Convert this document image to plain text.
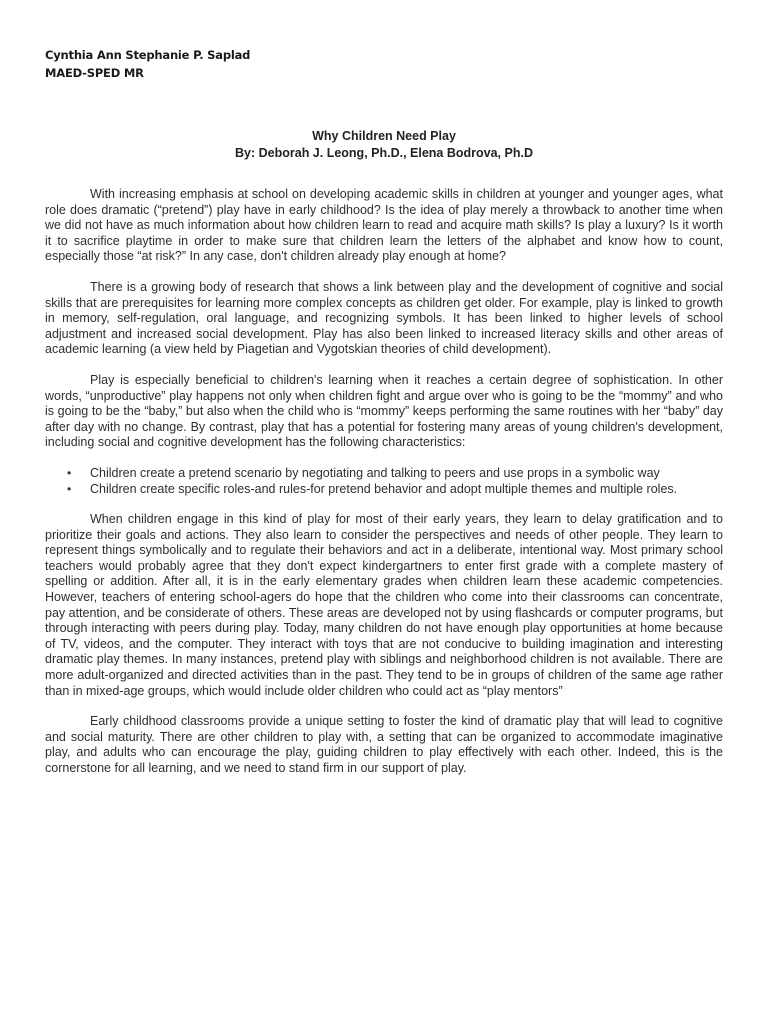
Cynthia Ann Stephanie P. Saplad
MAED-SPED MR
Why Children Need Play
By: Deborah J. Leong, Ph.D., Elena Bodrova, Ph.D

With increasing emphasis at school on developing academic skills in children at younger and younger ages, what role does dramatic (“pretend”) play have in early childhood? Is the idea of play merely a throwback to another time when we did not have as much information about how children learn to read and acquire math skills? Is play a luxury? Is it worth it to sacrifice playtime in order to make sure that children learn the letters of the alphabet and know how to count, especially those “at risk?” In any case, don't children already play enough at home?

There is a growing body of research that shows a link between play and the development of cognitive and social skills that are prerequisites for learning more complex concepts as children get older. For example, play is linked to growth in memory, self-regulation, oral language, and recognizing symbols. It has been linked to higher levels of school adjustment and increased social development. Play has also been linked to increased literacy skills and other areas of academic learning (a view held by Piagetian and Vygotskian theories of child development).

Play is especially beneficial to children's learning when it reaches a certain degree of sophistication. In other words, “unproductive” play happens not only when children fight and argue over who is going to be the “mommy” and who is going to be the “baby,” but also when the child who is “mommy” keeps performing the same routines with her “baby” day after day with no change. By contrast, play that has a potential for fostering many areas of young children's development, including social and cognitive development has the following characteristics:

• Children create a pretend scenario by negotiating and talking to peers and use props in a symbolic way
• Children create specific roles-and rules-for pretend behavior and adopt multiple themes and multiple roles.

When children engage in this kind of play for most of their early years, they learn to delay gratification and to prioritize their goals and actions. They also learn to consider the perspectives and needs of other people. They learn to represent things symbolically and to regulate their behaviors and act in a deliberate, intentional way. Most primary school teachers would probably agree that they don't expect kindergartners to enter first grade with a complete mastery of spelling or addition. After all, it is in the early elementary grades when children learn these academic competencies. However, teachers of entering school-agers do hope that the children who come into their classrooms can concentrate, pay attention, and be considerate of others. These areas are developed not by using flashcards or computer programs, but through interacting with peers during play. Today, many children do not have enough play opportunities at home because of TV, videos, and the computer. They interact with toys that are not conducive to building imagination and interesting dramatic play themes. In many instances, pretend play with siblings and neighborhood children is not available. There are more adult-organized and directed activities than in the past. They tend to be in groups of children of the same age rather than in mixed-age groups, which would include older children who could act as “play mentors”

Early childhood classrooms provide a unique setting to foster the kind of dramatic play that will lead to cognitive and social maturity. There are other children to play with, a setting that can be organized to accommodate imaginative play, and adults who can encourage the play, guiding children to play effectively with each other. Indeed, this is the cornerstone for all learning, and we need to stand firm in our support of play.
